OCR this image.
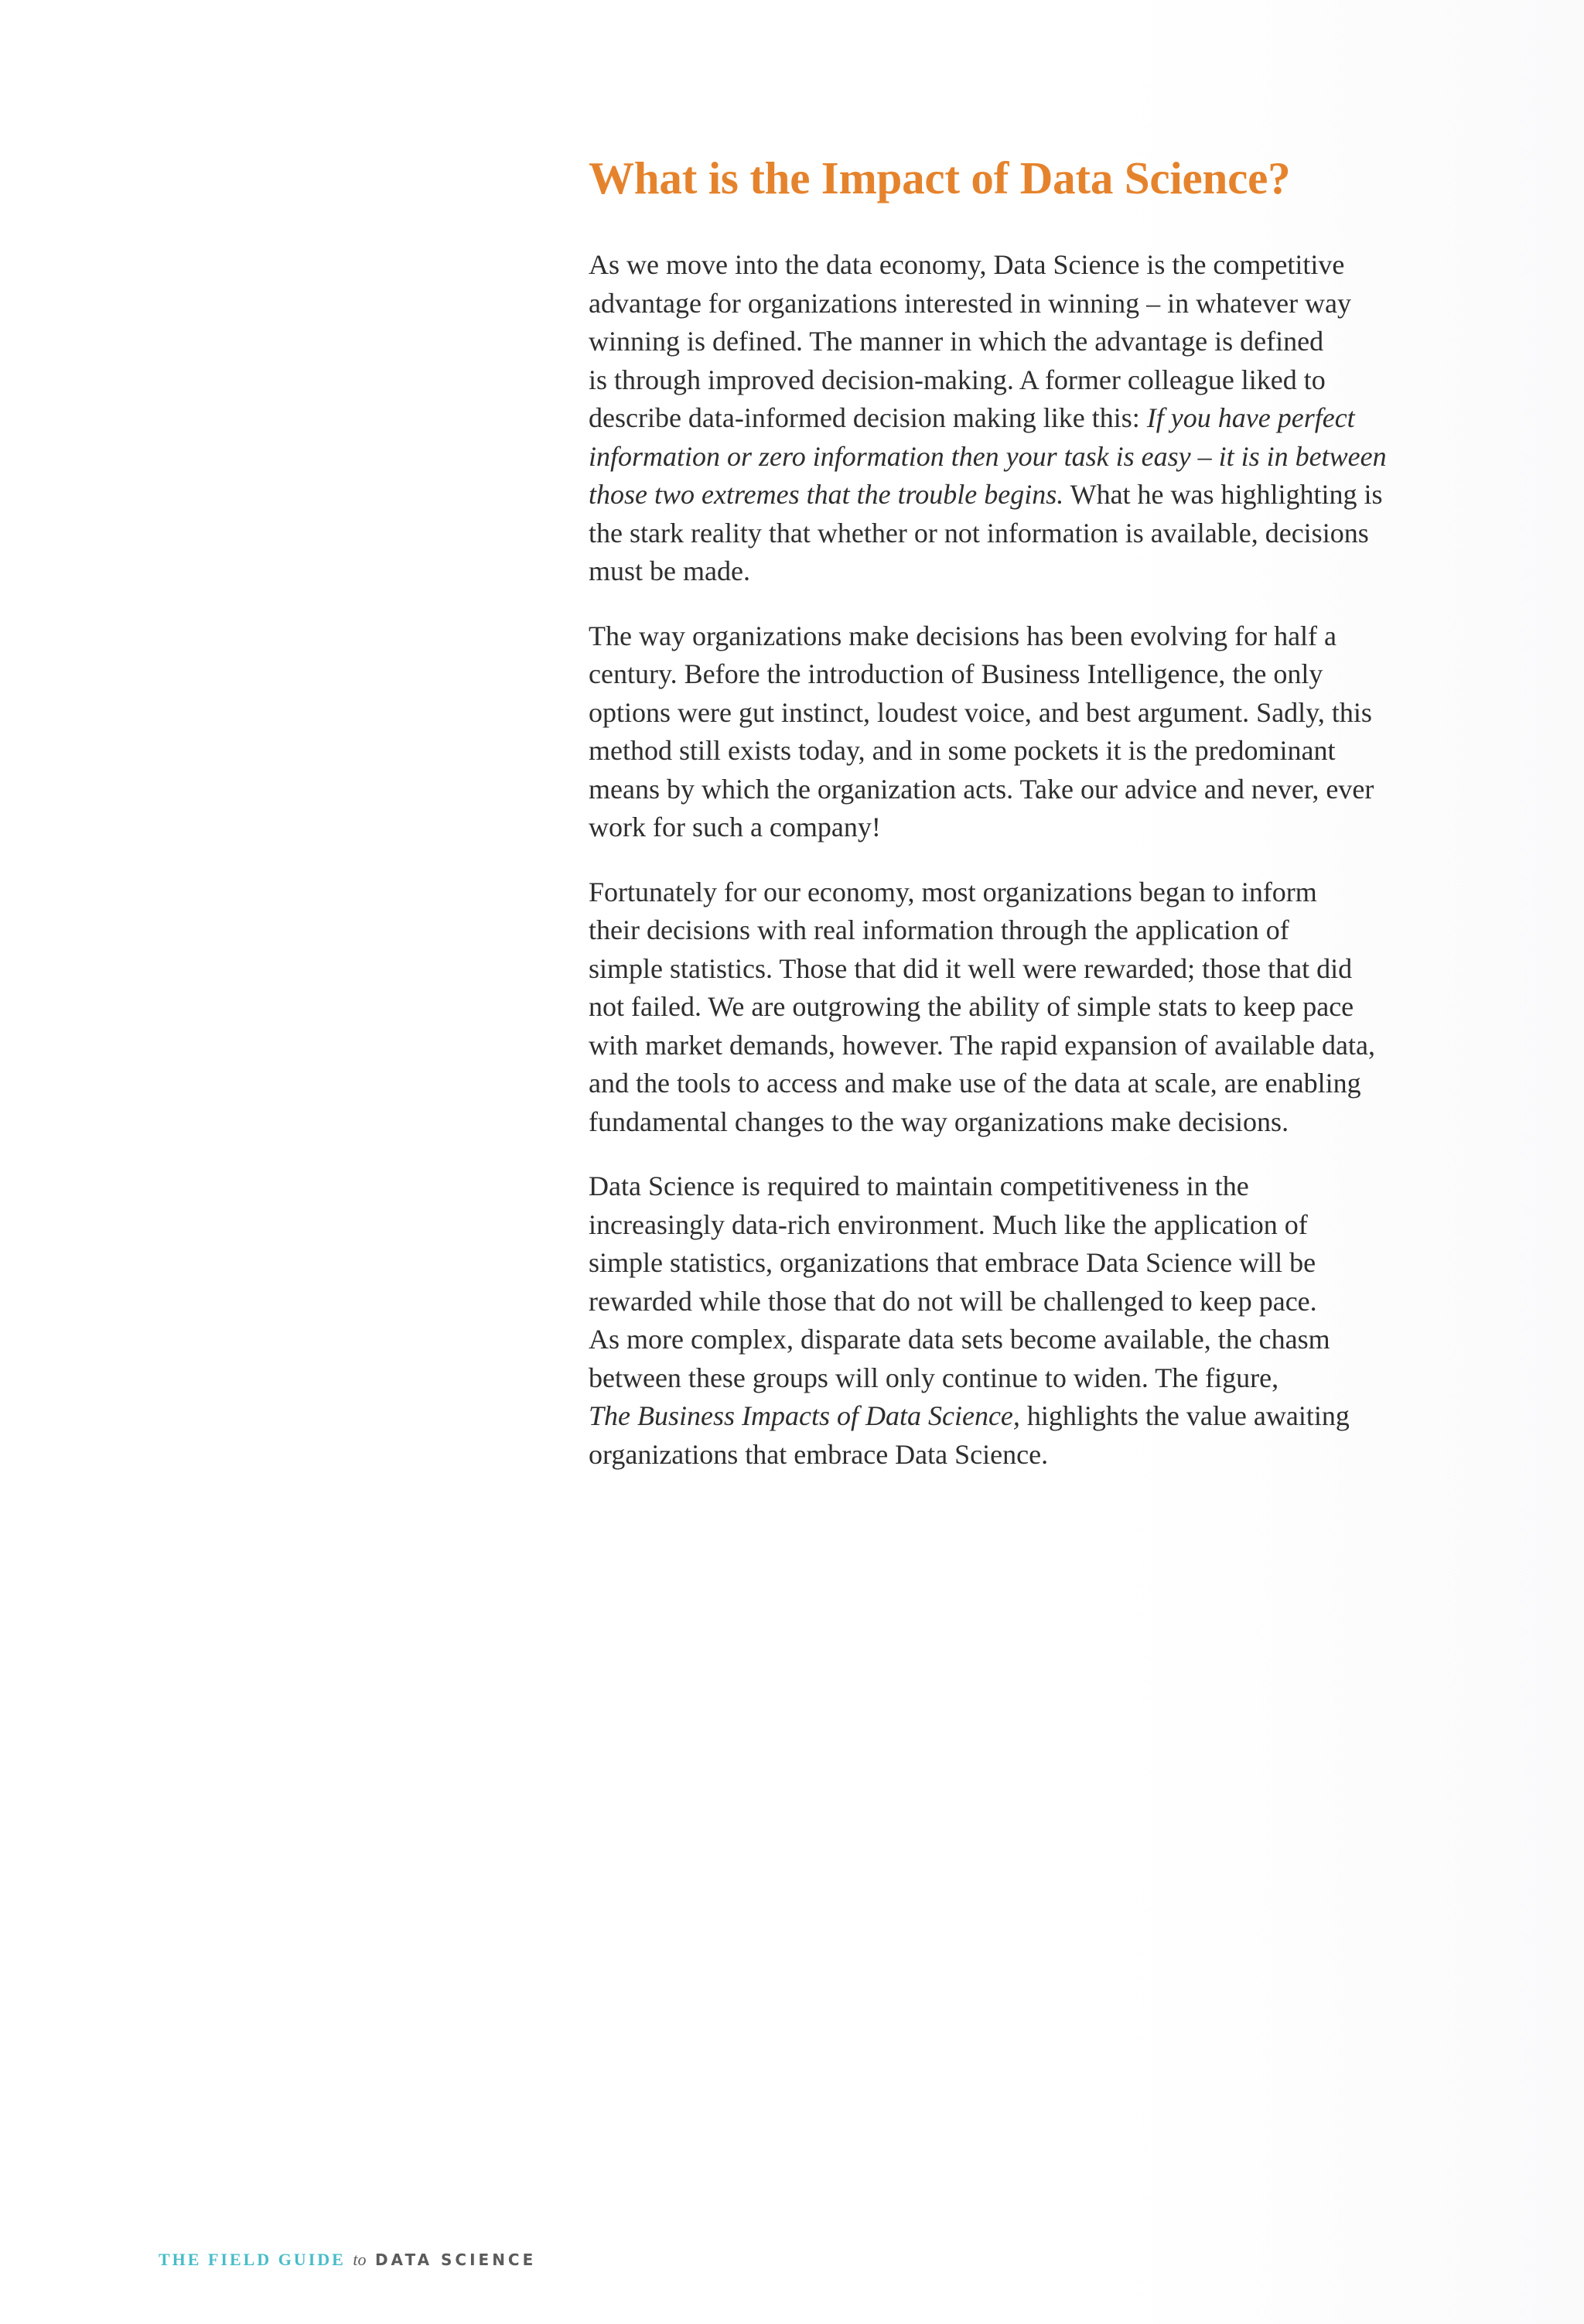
What is the Impact of Data Science?

As we move into the data economy, Data Science is the competitive
advantage for organizations interested in winning – in whatever way
winning is defined. The manner in which the advantage is defined
is through improved decision-making. A former colleague liked to
describe data-informed decision making like this: If you have perfect
information or zero information then your task is easy – it is in between
those two extremes that the trouble begins. What he was highlighting is
the stark reality that whether or not information is available, decisions
must be made.

The way organizations make decisions has been evolving for half a
century. Before the introduction of Business Intelligence, the only
options were gut instinct, loudest voice, and best argument. Sadly, this
method still exists today, and in some pockets it is the predominant
means by which the organization acts. Take our advice and never, ever
work for such a company!

Fortunately for our economy, most organizations began to inform
their decisions with real information through the application of
simple statistics. Those that did it well were rewarded; those that did
not failed. We are outgrowing the ability of simple stats to keep pace
with market demands, however. The rapid expansion of available data,
and the tools to access and make use of the data at scale, are enabling
fundamental changes to the way organizations make decisions.

Data Science is required to maintain competitiveness in the
increasingly data-rich environment. Much like the application of
simple statistics, organizations that embrace Data Science will be
rewarded while those that do not will be challenged to keep pace.
As more complex, disparate data sets become available, the chasm
between these groups will only continue to widen. The figure,
The Business Impacts of Data Science, highlights the value awaiting
organizations that embrace Data Science.

THE FIELD GUIDE to DATA SCIENCE
